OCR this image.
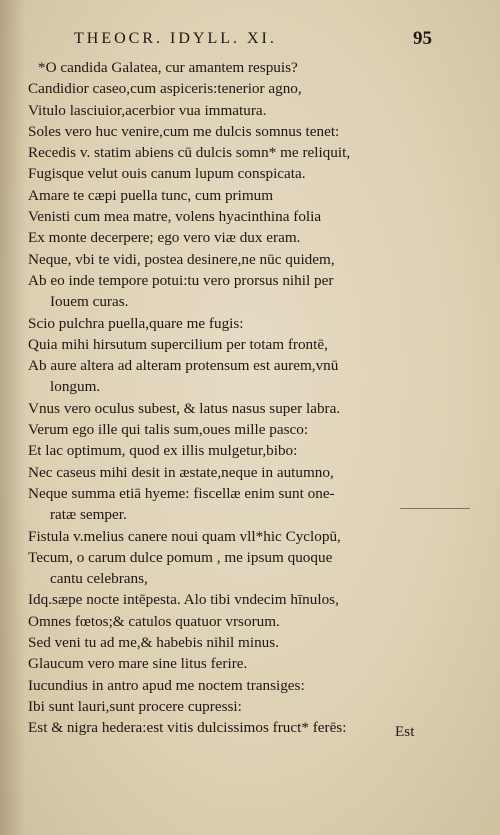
THEOCR. IDYLL. XI.	95
*O candida Galatea, cur amantem respuis?
Candidior caseo,cum aspiceris:tenerior agno,
Vitulo lasciuior,acerbior vua immatura.
Soles vero huc venire,cum me dulcis somnus tenet:
Recedis v. statim abiens cū dulcis somn* me reliquit,
Fugisque velut ouis canum lupum conspicata.
Amare te cæpi puella tunc, cum primum
Venisti cum mea matre, volens hyacinthina folia
Ex monte decerpere; ego vero viæ dux eram.
Neque, vbi te vidi, postea desinere,ne nūc quidem,
Ab eo inde tempore potui:tu vero prorsus nihil per
Iouem curas.
Scio pulchra puella,quare me fugis:
Quia mihi hirsutum supercilium per totam frontē,
Ab aure altera ad alteram protensum est aurem,vnū
longum.
Vnus vero oculus subest, & latus nasus super labra.
Verum ego ille qui talis sum,oues mille pasco:
Et lac optimum, quod ex illis mulgetur,bibo:
Nec caseus mihi desit in æstate,neque in autumno,
Neque summa etiā hyeme: fiscellæ enim sunt one-
ratæ semper.
Fistula v.melius canere noui quam vll*hic Cyclopū,
Tecum, o carum dulce pomum , me ipsum quoque
cantu celebrans,
Idq.sæpe nocte intēpesta. Alo tibi vndecim hīnulos,
Omnes fœtos;& catulos quatuor vrsorum.
Sed veni tu ad me,& habebis nihil minus.
Glaucum vero mare sine litus ferire.
Iucundius in antro apud me noctem transiges:
Ibi sunt lauri,sunt procere cupressi:
Est & nigra hedera:est vitis dulcissimos fruct* ferēs:	Est
